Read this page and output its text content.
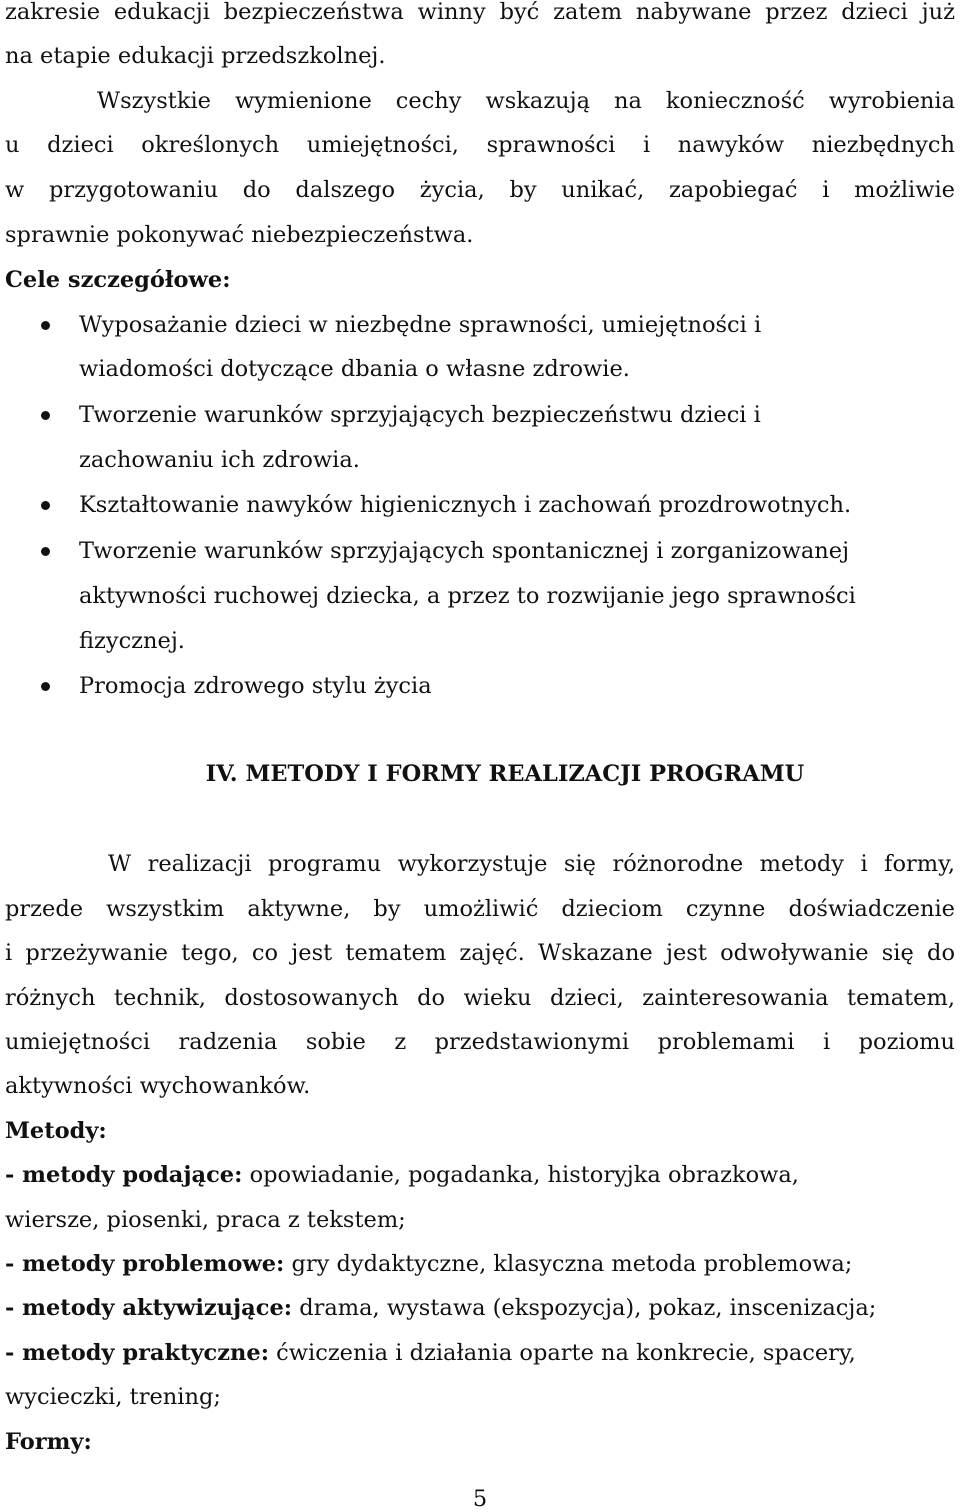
zakresie edukacji bezpieczeństwa winny być zatem nabywane przez dzieci już
na etapie edukacji przedszkolnej.
Wszystkie wymienione cechy wskazują na konieczność wyrobienia
u dzieci określonych umiejętności, sprawności i nawyków niezbędnych
w przygotowaniu do dalszego życia, by unikać, zapobiegać i możliwie
sprawnie pokonywać niebezpieczeństwa.
Cele szczegółowe:
Wyposażanie dzieci w niezbędne sprawności, umiejętności i
wiadomości dotyczące dbania o własne zdrowie.
Tworzenie warunków sprzyjających bezpieczeństwu dzieci i
zachowaniu ich zdrowia.
Kształtowanie nawyków higienicznych i zachowań prozdrowotnych.
Tworzenie warunków sprzyjających spontanicznej i zorganizowanej
aktywności ruchowej dziecka, a przez to rozwijanie jego sprawności
fizycznej.
Promocja zdrowego stylu życia
IV. METODY I FORMY REALIZACJI PROGRAMU
W realizacji programu wykorzystuje się różnorodne metody i formy,
przede wszystkim aktywne, by umożliwić dzieciom czynne doświadczenie
i przeżywanie tego, co jest tematem zajęć. Wskazane jest odwoływanie się do
różnych technik, dostosowanych do wieku dzieci, zainteresowania tematem,
umiejętności radzenia sobie z przedstawionymi problemami i poziomu
aktywności wychowanków.
Metody:
- metody podające: opowiadanie, pogadanka, historyjka obrazkowa,
wiersze, piosenki, praca z tekstem;
- metody problemowe: gry dydaktyczne, klasyczna metoda problemowa;
- metody aktywizujące: drama, wystawa (ekspozycja), pokaz, inscenizacja;
- metody praktyczne: ćwiczenia i działania oparte na konkrecie, spacery,
wycieczki, trening;
Formy:
5
